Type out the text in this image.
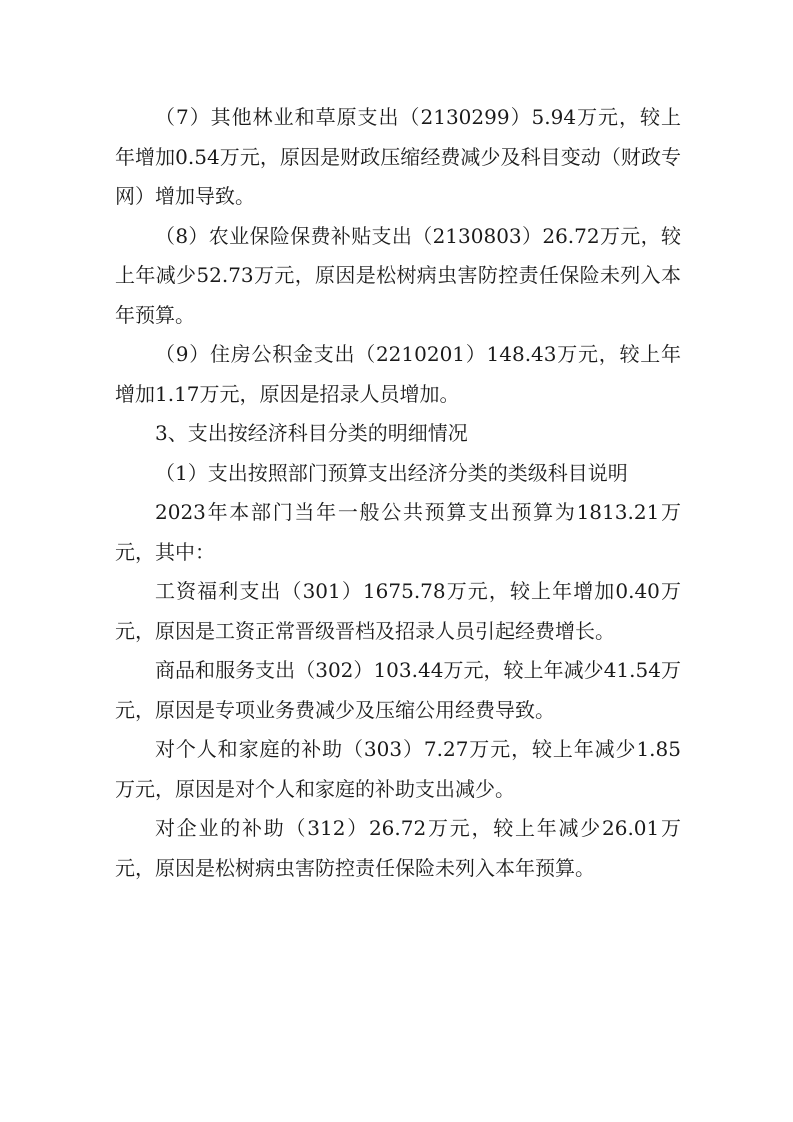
（7）其他林业和草原支出（2130299）5.94万元，较上年增加0.54万元，原因是财政压缩经费减少及科目变动（财政专网）增加导致。

（8）农业保险保费补贴支出（2130803）26.72万元，较上年减少52.73万元，原因是松树病虫害防控责任保险未列入本年预算。

（9）住房公积金支出（2210201）148.43万元，较上年增加1.17万元，原因是招录人员增加。

3、支出按经济科目分类的明细情况

（1）支出按照部门预算支出经济分类的类级科目说明

2023年本部门当年一般公共预算支出预算为1813.21万元，其中：

工资福利支出（301）1675.78万元，较上年增加0.40万元，原因是工资正常晋级晋档及招录人员引起经费增长。

商品和服务支出（302）103.44万元，较上年减少41.54万元，原因是专项业务费减少及压缩公用经费导致。

对个人和家庭的补助（303）7.27万元，较上年减少1.85万元，原因是对个人和家庭的补助支出减少。

对企业的补助（312）26.72万元，较上年减少26.01万元，原因是松树病虫害防控责任保险未列入本年预算。
